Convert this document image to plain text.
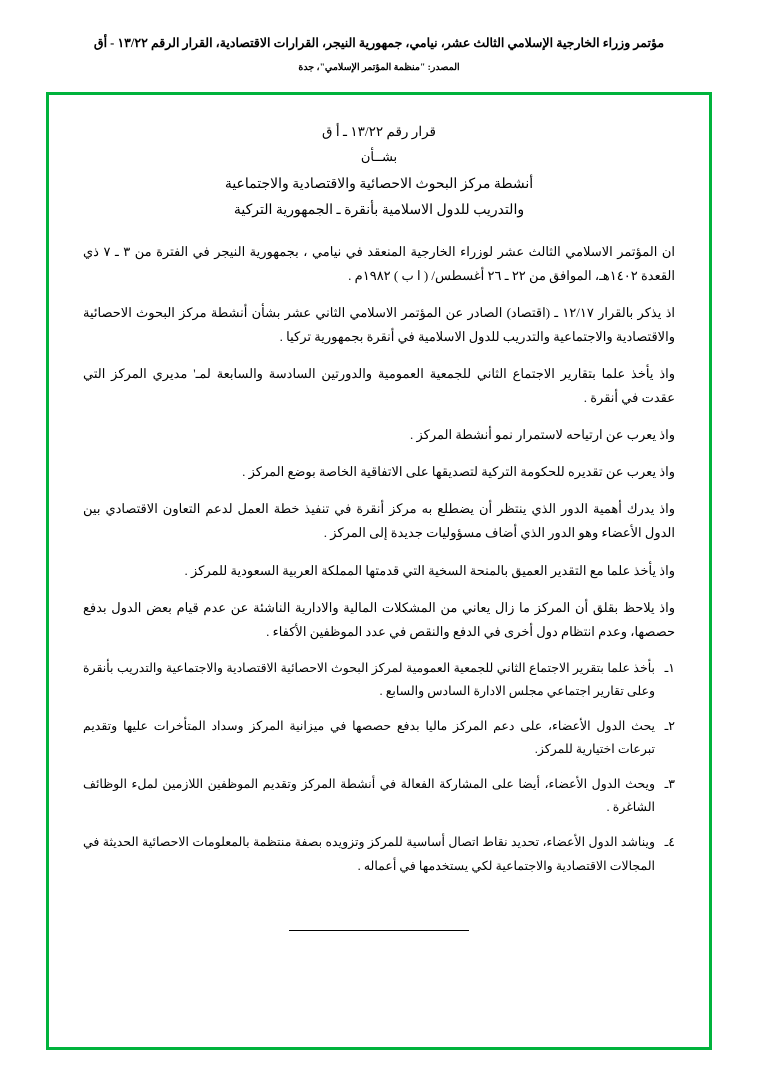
مؤتمر وزراء الخارجية الإسلامي الثالث عشر، نيامي، جمهورية النيجر، القرارات الاقتصادية، القرار الرقم ١٣/٢٢ - أق
المصدر: "منظمة المؤتمر الإسلامي"، جدة
قرار رقم ١٣/٢٢ ـ أ ق
بشــأن
أنشطة مركز البحوث الاحصائية والاقتصادية والاجتماعية
والتدريب للدول الاسلامية بأنقرة ـ الجمهورية التركية

ان المؤتمر الاسلامي الثالث عشر لوزراء الخارجية المنعقد في نيامي ، بجمهورية النيجر في الفترة من ٣ ـ ٧ ذي القعدة ١٤٠٢هـ، الموافق من ٢٢ ـ ٢٦ أغسطس/ ( ا ب ) ١٩٨٢م .

اذ يذكر بالقرار ١٢/١٧ ـ (اقتصاد) الصادر عن المؤتمر الاسلامي الثاني عشر بشأن أنشطة مركز البحوث الاحصائية والاقتصادية والاجتماعية والتدريب للدول الاسلامية في أنقرة بجمهورية تركيا .

واذ يأخذ علما بتقارير الاجتماع الثاني للجمعية العمومية والدورتين السادسة والسابعة لمـ' مديري المركز التي عقدت في أنقرة .

واذ يعرب عن ارتياحه لاستمرار نمو أنشطة المركز .

واذ يعرب عن تقديره للحكومة التركية لتصديقها على الاتفاقية الخاصة بوضع المركز .

واذ يدرك أهمية الدور الذي ينتظر أن يضطلع به مركز أنقرة في تنفيذ خطة العمل لدعم التعاون الاقتصادي بين الدول الأعضاء وهو الدور الذي أضاف مسؤوليات جديدة إلى المركز .

واذ يأخذ علما مع التقدير العميق بالمنحة السخية التي قدمتها المملكة العربية السعودية للمركز .

واذ يلاحظ بقلق أن المركز ما زال يعاني من المشكلات المالية والادارية الناشئة عن عدم قيام بعض الدول بدفع حصصها، وعدم انتظام دول أخرى في الدفع والنقص في عدد الموظفين الأكفاء .

١ـ
بأخذ علما بتقرير الاجتماع الثاني للجمعية العمومية لمركز البحوث الاحصائية الاقتصادية والاجتماعية والتدريب بأنقرة وعلى تقارير اجتماعي مجلس الادارة السادس والسابع .
٢ـ
يحث الدول الأعضاء، على دعم المركز ماليا بدفع حصصها في ميزانية المركز وسداد المتأخرات عليها وتقديم تبرعات اختيارية للمركز.
٣ـ
ويحث الدول الأعضاء، أيضا على المشاركة الفعالة في أنشطة المركز وتقديم الموظفين اللازمين لملء الوظائف الشاغرة .
٤ـ
ويناشد الدول الأعضاء، تحديد نقاط اتصال أساسية للمركز وتزويده بصفة منتظمة بالمعلومات الاحصائية الحديثة في المجالات الاقتصادية والاجتماعية لكي يستخدمها في أعماله .
